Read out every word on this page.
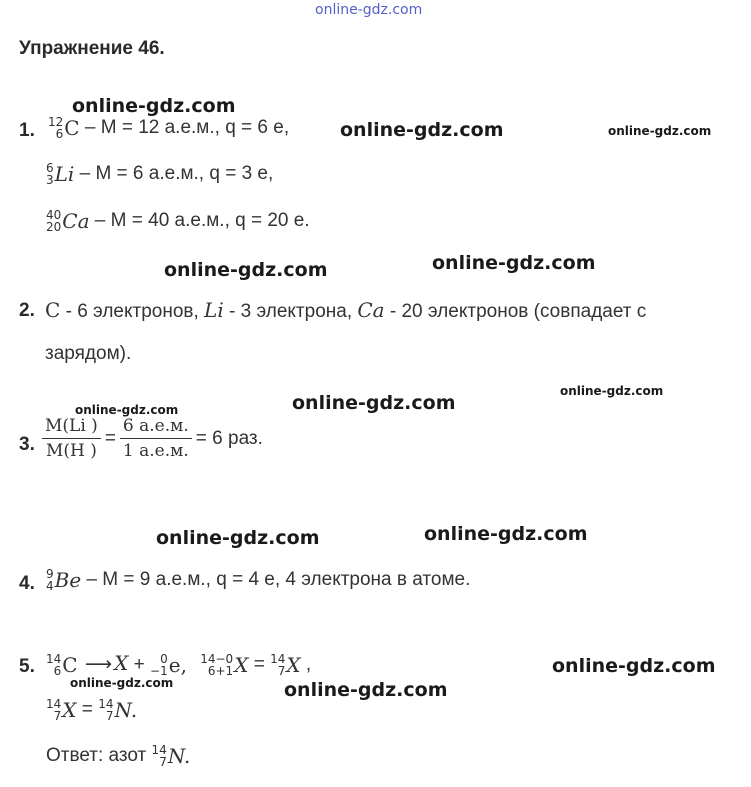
online-gdz.com
Упражнение 46.
1. 12
6 C – M = 12 а.е.м., q = 6 e,
6
3 Li – M = 6 а.е.м., q = 3 e,
40
20 Ca – M = 40 а.е.м., q = 20 e.
2. C - 6 электронов, Li - 3 электрона, Ca - 20 электронов (совпадает с
зарядом).
3. $\frac{M(Li )}{M(H )} = \frac{6 а.е.м.}{1 а.е.м.} = 6$ раз.
4. 9
4 Be – M = 9 а.е.м., q = 4 e, 4 электрона в атоме.
5. 14
6 C ⟶ X + 0
−1 e,
14−0
6+1 X = 14
7 X ,
14
7 X = 14
7 N.
Ответ: азот 14
7 N.
online-gdz.com
online-gdz.com	online-gdz.com
online-gdz.com	online-gdz.com
online-gdz.com
online-gdz.com
online-gdz.com
online-gdz.com	online-gdz.com
online-gdz.com
online-gdz.com	online-gdz.com
